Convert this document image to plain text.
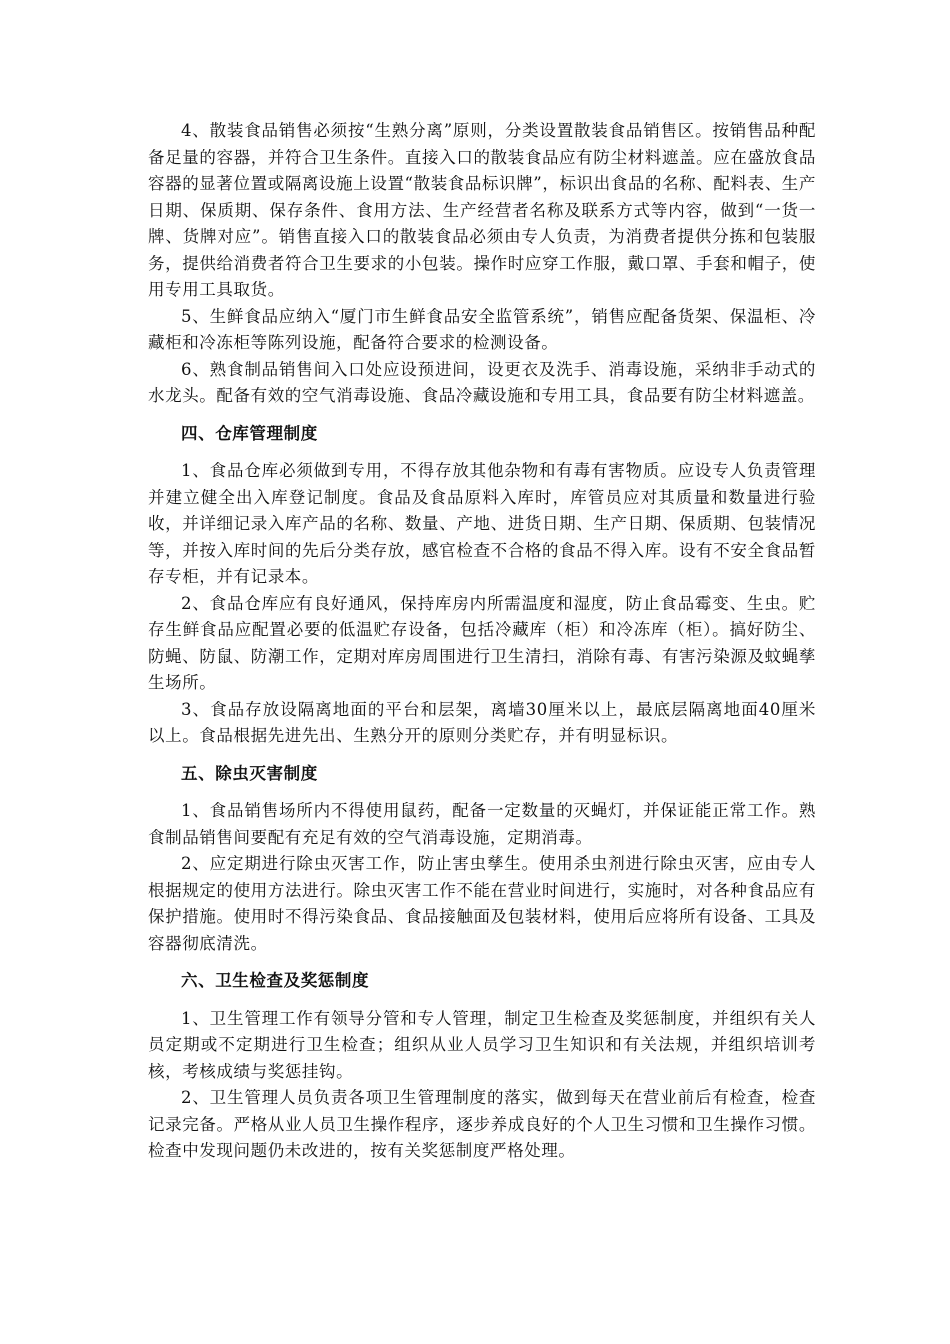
4、散装食品销售必须按“生熟分离”原则，分类设置散装食品销售区。按销售品种配备足量的容器，并符合卫生条件。直接入口的散装食品应有防尘材料遮盖。应在盛放食品容器的显著位置或隔离设施上设置“散装食品标识牌”，标识出食品的名称、配料表、生产日期、保质期、保存条件、食用方法、生产经营者名称及联系方式等内容，做到“一货一牌、货牌对应”。销售直接入口的散装食品必须由专人负责，为消费者提供分拣和包装服务，提供给消费者符合卫生要求的小包装。操作时应穿工作服，戴口罩、手套和帽子，使用专用工具取货。

5、生鲜食品应纳入“厦门市生鲜食品安全监管系统”，销售应配备货架、保温柜、冷藏柜和冷冻柜等陈列设施，配备符合要求的检测设备。

6、熟食制品销售间入口处应设预进间，设更衣及洗手、消毒设施，采纳非手动式的水龙头。配备有效的空气消毒设施、食品冷藏设施和专用工具，食品要有防尘材料遮盖。

四、仓库管理制度

1、食品仓库必须做到专用，不得存放其他杂物和有毒有害物质。应设专人负责管理并建立健全出入库登记制度。食品及食品原料入库时，库管员应对其质量和数量进行验收，并详细记录入库产品的名称、数量、产地、进货日期、生产日期、保质期、包装情况等，并按入库时间的先后分类存放，感官检查不合格的食品不得入库。设有不安全食品暂存专柜，并有记录本。

2、食品仓库应有良好通风，保持库房内所需温度和湿度，防止食品霉变、生虫。贮存生鲜食品应配置必要的低温贮存设备，包括冷藏库（柜）和冷冻库（柜）。搞好防尘、防蝇、防鼠、防潮工作，定期对库房周围进行卫生清扫，消除有毒、有害污染源及蚊蝇孳生场所。

3、食品存放设隔离地面的平台和层架，离墙30厘米以上，最底层隔离地面40厘米以上。食品根据先进先出、生熟分开的原则分类贮存，并有明显标识。

五、除虫灭害制度

1、食品销售场所内不得使用鼠药，配备一定数量的灭蝇灯，并保证能正常工作。熟食制品销售间要配有充足有效的空气消毒设施，定期消毒。

2、应定期进行除虫灭害工作，防止害虫孳生。使用杀虫剂进行除虫灭害，应由专人根据规定的使用方法进行。除虫灭害工作不能在营业时间进行，实施时，对各种食品应有保护措施。使用时不得污染食品、食品接触面及包装材料，使用后应将所有设备、工具及容器彻底清洗。

六、卫生检查及奖惩制度

1、卫生管理工作有领导分管和专人管理，制定卫生检查及奖惩制度，并组织有关人员定期或不定期进行卫生检查；组织从业人员学习卫生知识和有关法规，并组织培训考核，考核成绩与奖惩挂钩。

2、卫生管理人员负责各项卫生管理制度的落实，做到每天在营业前后有检查，检查记录完备。严格从业人员卫生操作程序，逐步养成良好的个人卫生习惯和卫生操作习惯。检查中发现问题仍未改进的，按有关奖惩制度严格处理。
